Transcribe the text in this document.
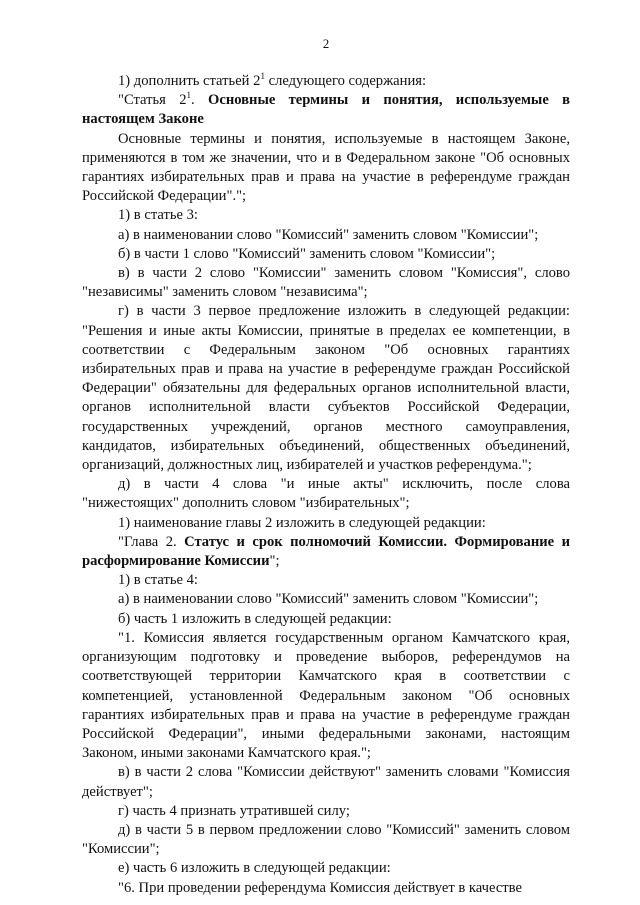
2

1) дополнить статьей $2^1$ следующего содержания:

"Статья $2^1$. Основные термины и понятия, используемые в настоящем Законе

Основные термины и понятия, используемые в настоящем Законе, применяются в том же значении, что и в Федеральном законе "Об основных гарантиях избирательных прав и права на участие в референдуме граждан Российской Федерации".";

1) в статье 3:

а) в наименовании слово "Комиссий" заменить словом "Комиссии";

б) в части 1 слово "Комиссий" заменить словом "Комиссии";

в) в части 2 слово "Комиссии" заменить словом "Комиссия", слово "независимы" заменить словом "независима";

г) в части 3 первое предложение изложить в следующей редакции: "Решения и иные акты Комиссии, принятые в пределах ее компетенции, в соответствии с Федеральным законом "Об основных гарантиях избирательных прав и права на участие в референдуме граждан Российской Федерации" обязательны для федеральных органов исполнительной власти, органов исполнительной власти субъектов Российской Федерации, государственных учреждений, органов местного самоуправления, кандидатов, избирательных объединений, общественных объединений, организаций, должностных лиц, избирателей и участков референдума.";

д) в части 4 слова "и иные акты" исключить, после слова "нижестоящих" дополнить словом "избирательных";

1) наименование главы 2 изложить в следующей редакции:

"Глава 2. Статус и срок полномочий Комиссии. Формирование и расформирование Комиссии";

1) в статье 4:

а) в наименовании слово "Комиссий" заменить словом "Комиссии";

б) часть 1 изложить в следующей редакции:

"1. Комиссия является государственным органом Камчатского края, организующим подготовку и проведение выборов, референдумов на соответствующей территории Камчатского края в соответствии с компетенцией, установленной Федеральным законом "Об основных гарантиях избирательных прав и права на участие в референдуме граждан Российской Федерации", иными федеральными законами, настоящим Законом, иными законами Камчатского края.";

в) в части 2 слова "Комиссии действуют" заменить словами "Комиссия действует";

г) часть 4 признать утратившей силу;

д) в части 5 в первом предложении слово "Комиссий" заменить словом "Комиссии";

е) часть 6 изложить в следующей редакции:

"6. При проведении референдума Комиссия действует в качестве
